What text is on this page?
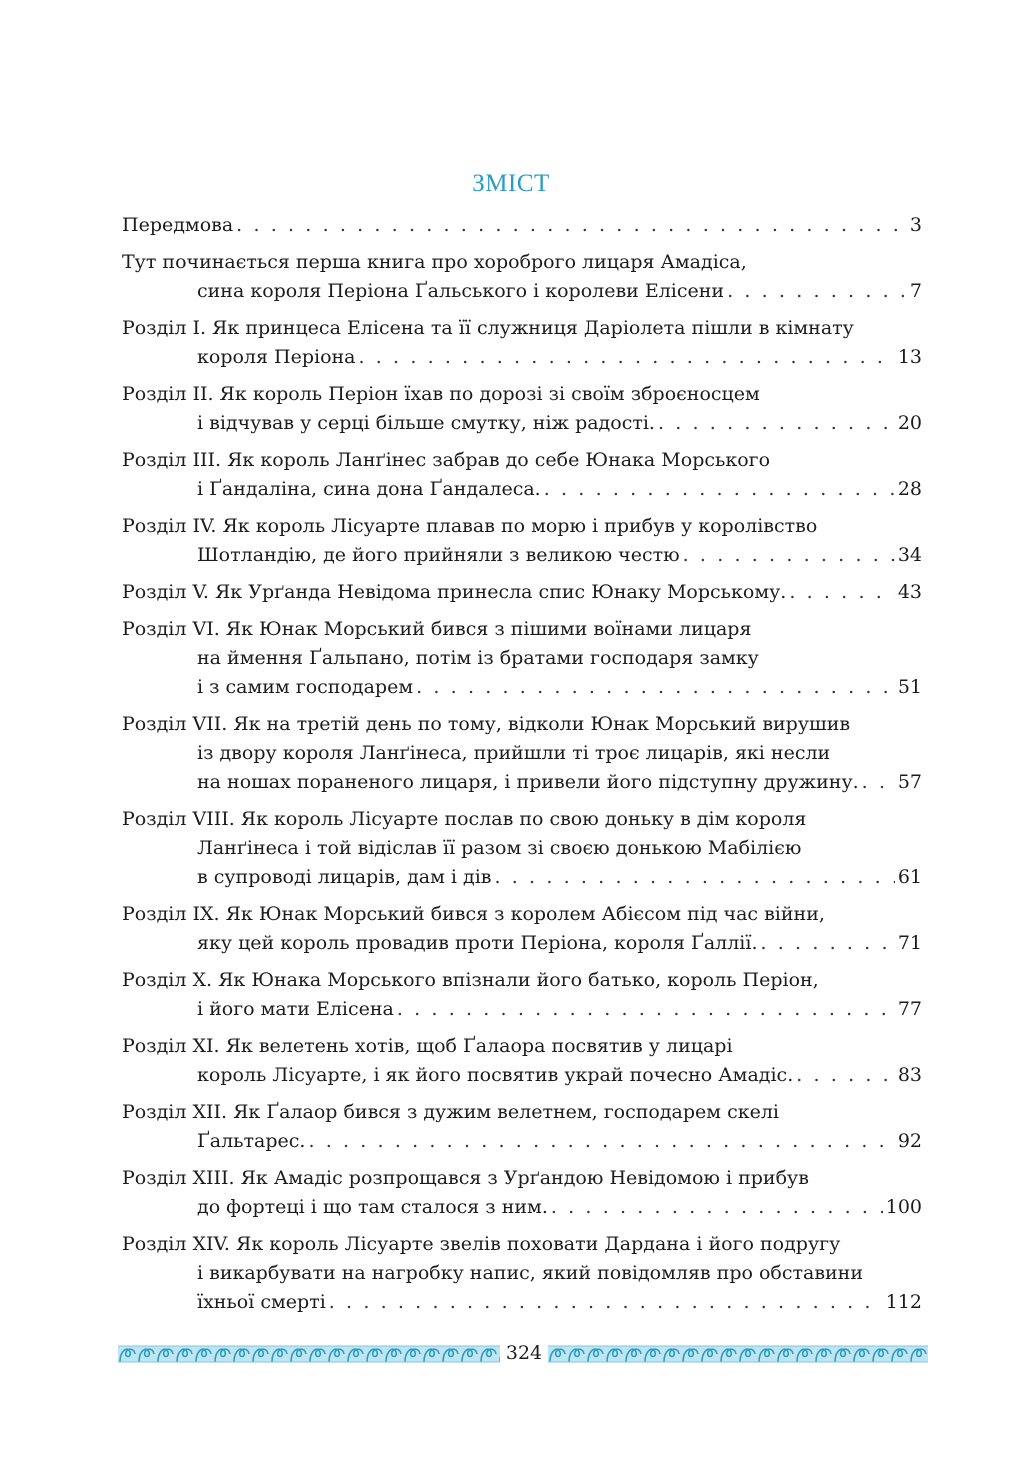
ЗМІСТ
Передмова . . .	3
Тут починається перша книга про хороброго лицаря Амадіса,
сина короля Періона Ґальського і королеви Елісени . . .	7
Розділ І. Як принцеса Елісена та її служниця Даріолета пішли в кімнату
короля Періона . . .	13
Розділ ІІ. Як король Періон їхав по дорозі зі своїм зброєносцем
і відчував у серці більше смутку, ніж радості. . . .	20
Розділ ІІІ. Як король Ланґінес забрав до себе Юнака Морського
і Ґандаліна, сина дона Ґандалеса. . . .	28
Розділ IV. Як король Лісуарте плавав по морю і прибув у королівство
Шотландію, де його прийняли з великою честю . . .	34
Розділ V. Як Урґанда Невідома принесла спис Юнаку Морському. . . .	43
Розділ VI. Як Юнак Морський бився з пішими воїнами лицаря
на ймення Ґальпано, потім із братами господаря замку
і з самим господарем . . .	51
Розділ VII. Як на третій день по тому, відколи Юнак Морський вирушив
із двору короля Ланґінеса, прийшли ті троє лицарів, які несли
на ношах пораненого лицаря, і привели його підступну дружину. . . . 57
Розділ VIII. Як король Лісуарте послав по свою доньку в дім короля
Ланґінеса і той відіслав її разом зі своєю донькою Мабілією
в супроводі лицарів, дам і дів . . .	61
Розділ IX. Як Юнак Морський бився з королем Абієсом під час війни,
яку цей король провадив проти Періона, короля Ґаллії. . . .	71
Розділ X. Як Юнака Морського впізнали його батько, король Періон,
і його мати Елісена . . .	77
Розділ XI. Як велетень хотів, щоб Ґалаора посвятив у лицарі
король Лісуарте, і як його посвятив украй почесно Амадіс. . . .	83
Розділ XII. Як Ґалаор бився з дужим велетнем, господарем скелі
Ґальтарес. . . .	92
Розділ XIII. Як Амадіс розпрощався з Урґандою Невідомою і прибув
до фортеці і що там сталося з ним. . . .	100
Розділ XIV. Як король Лісуарте звелів поховати Дардана і його подругу
і викарбувати на нагробку напис, який повідомляв про обставини
їхньої смерті . . .	112
324
